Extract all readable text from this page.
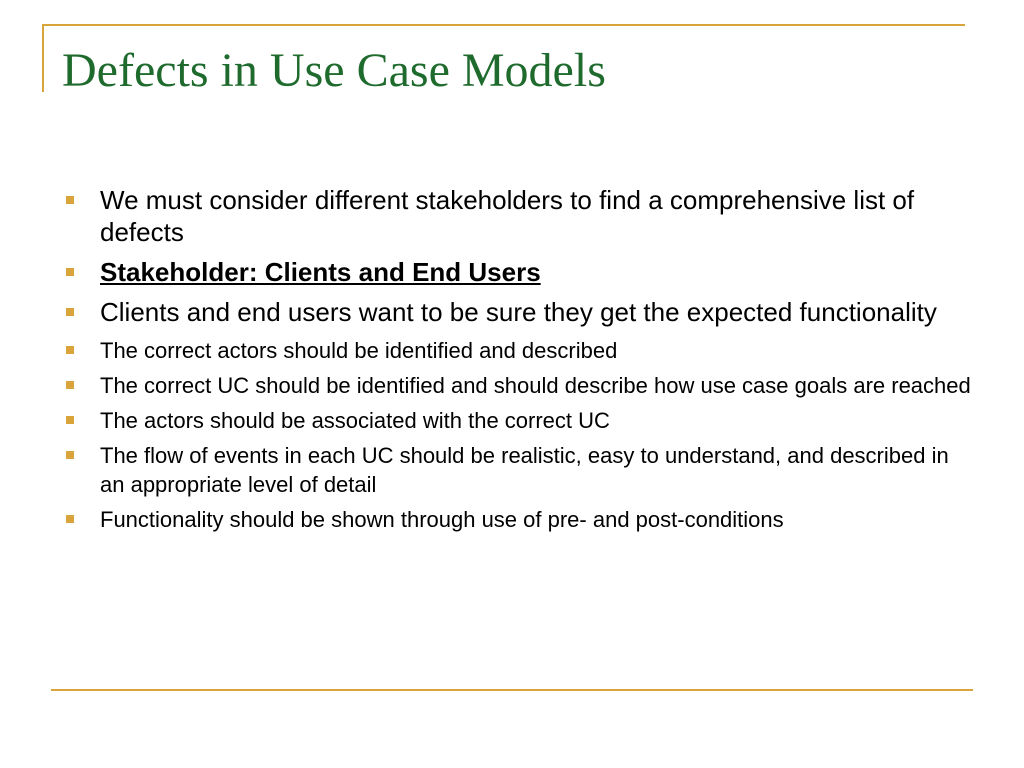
Defects in Use Case Models
We must consider different stakeholders to find a comprehensive list of defects
Stakeholder: Clients and End Users
Clients and end users want to be sure they get the expected functionality
The correct actors should be identified and described
The correct UC should be identified and should describe how use case goals are reached
The actors should be associated with the correct UC
The flow of events in each UC should be realistic, easy to understand, and described in an appropriate level of detail
Functionality should be shown through use of pre- and post-conditions
